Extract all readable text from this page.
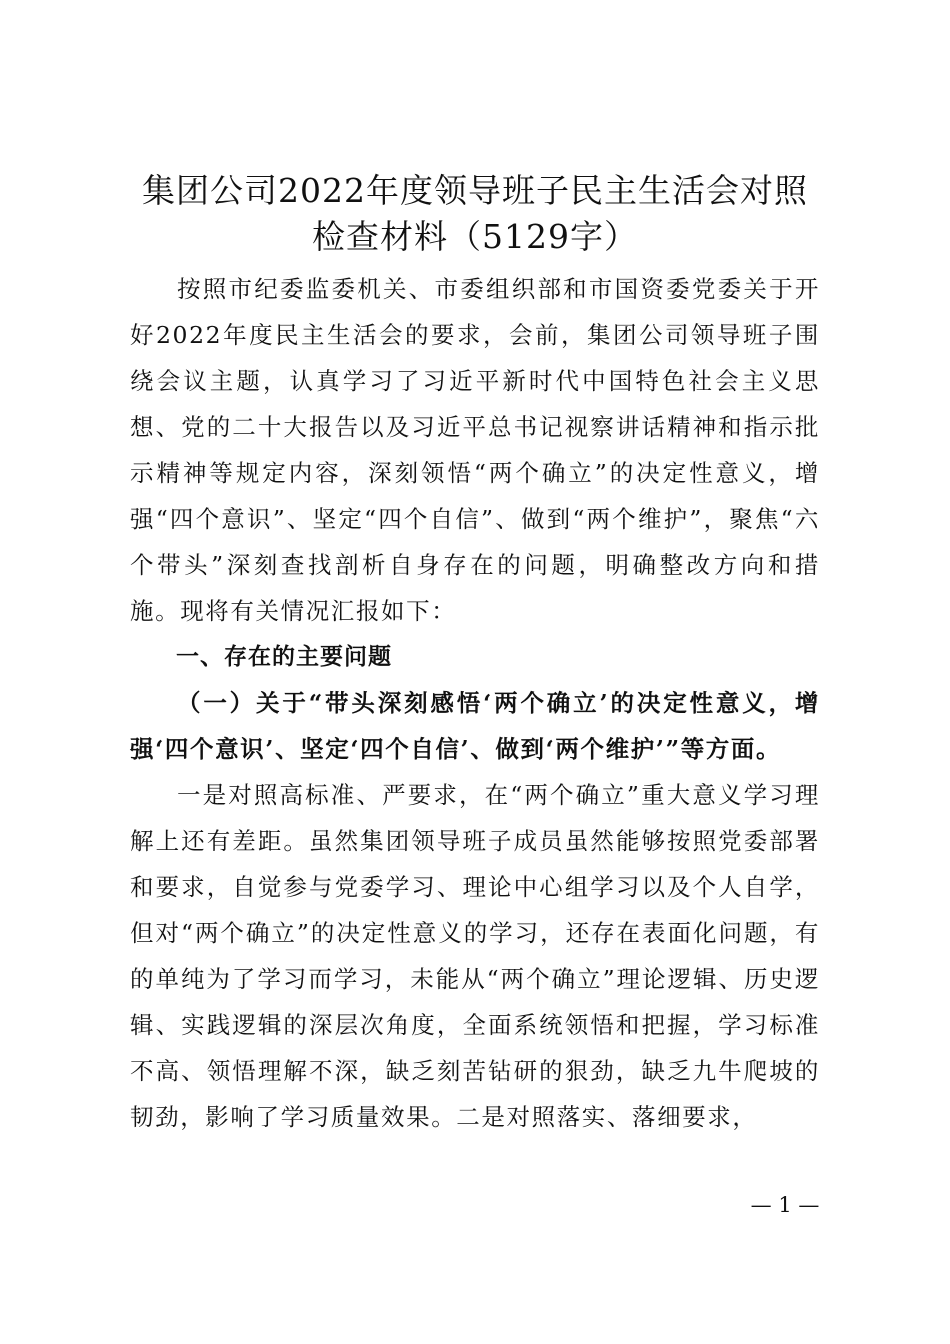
集团公司2022年度领导班子民主生活会对照
检查材料（5129字）

按照市纪委监委机关、市委组织部和市国资委党委关于开好2022年度民主生活会的要求，会前，集团公司领导班子围绕会议主题，认真学习了习近平新时代中国特色社会主义思想、党的二十大报告以及习近平总书记视察讲话精神和指示批示精神等规定内容，深刻领悟“两个确立”的决定性意义，增强“四个意识”、坚定“四个自信”、做到“两个维护”，聚焦“六个带头”深刻查找剖析自身存在的问题，明确整改方向和措施。现将有关情况汇报如下：

一、存在的主要问题

（一）关于“带头深刻感悟‘两个确立’的决定性意义，增强‘四个意识’、坚定‘四个自信’、做到‘两个维护’”等方面。

一是对照高标准、严要求，在“两个确立”重大意义学习理解上还有差距。虽然集团领导班子成员虽然能够按照党委部署和要求，自觉参与党委学习、理论中心组学习以及个人自学，但对“两个确立”的决定性意义的学习，还存在表面化问题，有的单纯为了学习而学习，未能从“两个确立”理论逻辑、历史逻辑、实践逻辑的深层次角度，全面系统领悟和把握，学习标准不高、领悟理解不深，缺乏刻苦钻研的狠劲，缺乏九牛爬坡的韧劲，影响了学习质量效果。二是对照落实、落细要求，

— 1 —
